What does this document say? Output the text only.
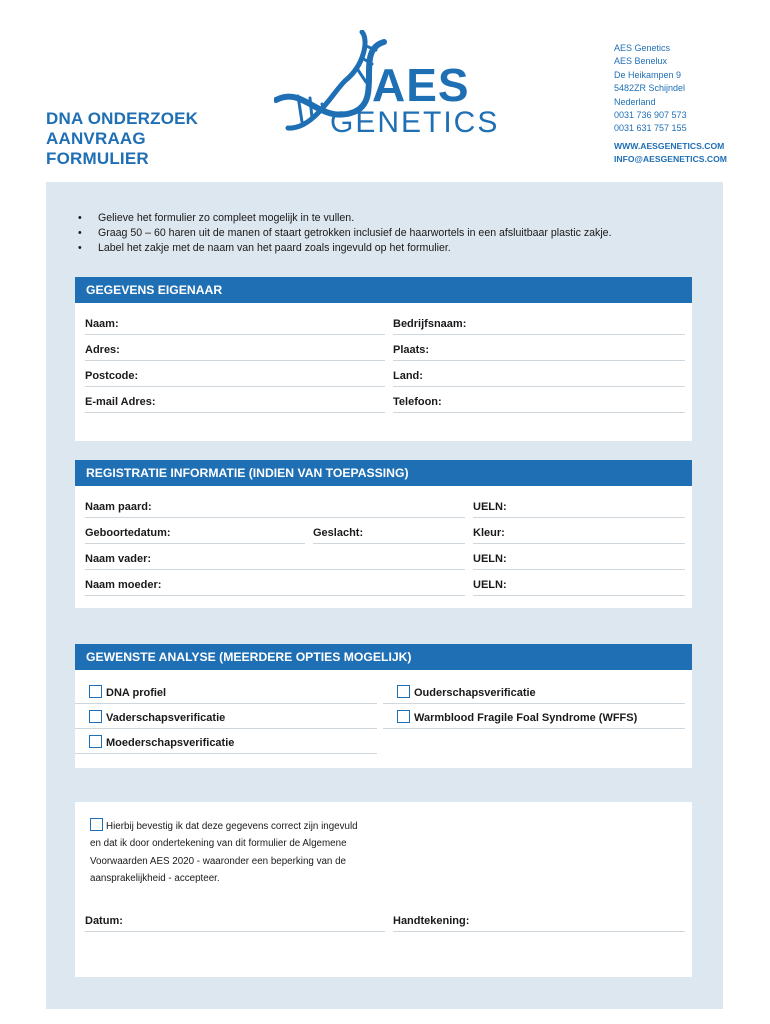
DNA ONDERZOEK
AANVRAAG
FORMULIER
AES
GENETICS
AES Genetics
AES Benelux
De Heikampen 9
5482ZR Schijndel
Nederland
0031 736 907 573
0031 631 757 155
WWW.AESGENETICS.COM
INFO@AESGENETICS.COM
• Gelieve het formulier zo compleet mogelijk in te vullen.
• Graag 50 – 60 haren uit de manen of staart getrokken inclusief de haarwortels in een afsluitbaar plastic zakje.
• Label het zakje met de naam van het paard zoals ingevuld op het formulier.
GEGEVENS EIGENAAR
Naam:	Bedrijfsnaam:
Adres:	Plaats:
Postcode:	Land:
E-mail Adres:	Telefoon:
REGISTRATIE INFORMATIE (INDIEN VAN TOEPASSING)
Naam paard:	UELN:
Geboortedatum:	Geslacht:	Kleur:
Naam vader:	UELN:
Naam moeder:	UELN:
GEWENSTE ANALYSE (MEERDERE OPTIES MOGELIJK)
DNA profiel	Ouderschapsverificatie
Vaderschapsverificatie	Warmblood Fragile Foal Syndrome (WFFS)
Moederschapsverificatie
Datum:	Handtekening:
Hierbij bevestig ik dat deze gegevens correct zijn ingevuld
en dat ik door ondertekening van dit formulier de Algemene
Voorwaarden AES 2020 - waaronder een beperking van de
aansprakelijkheid - accepteer.
